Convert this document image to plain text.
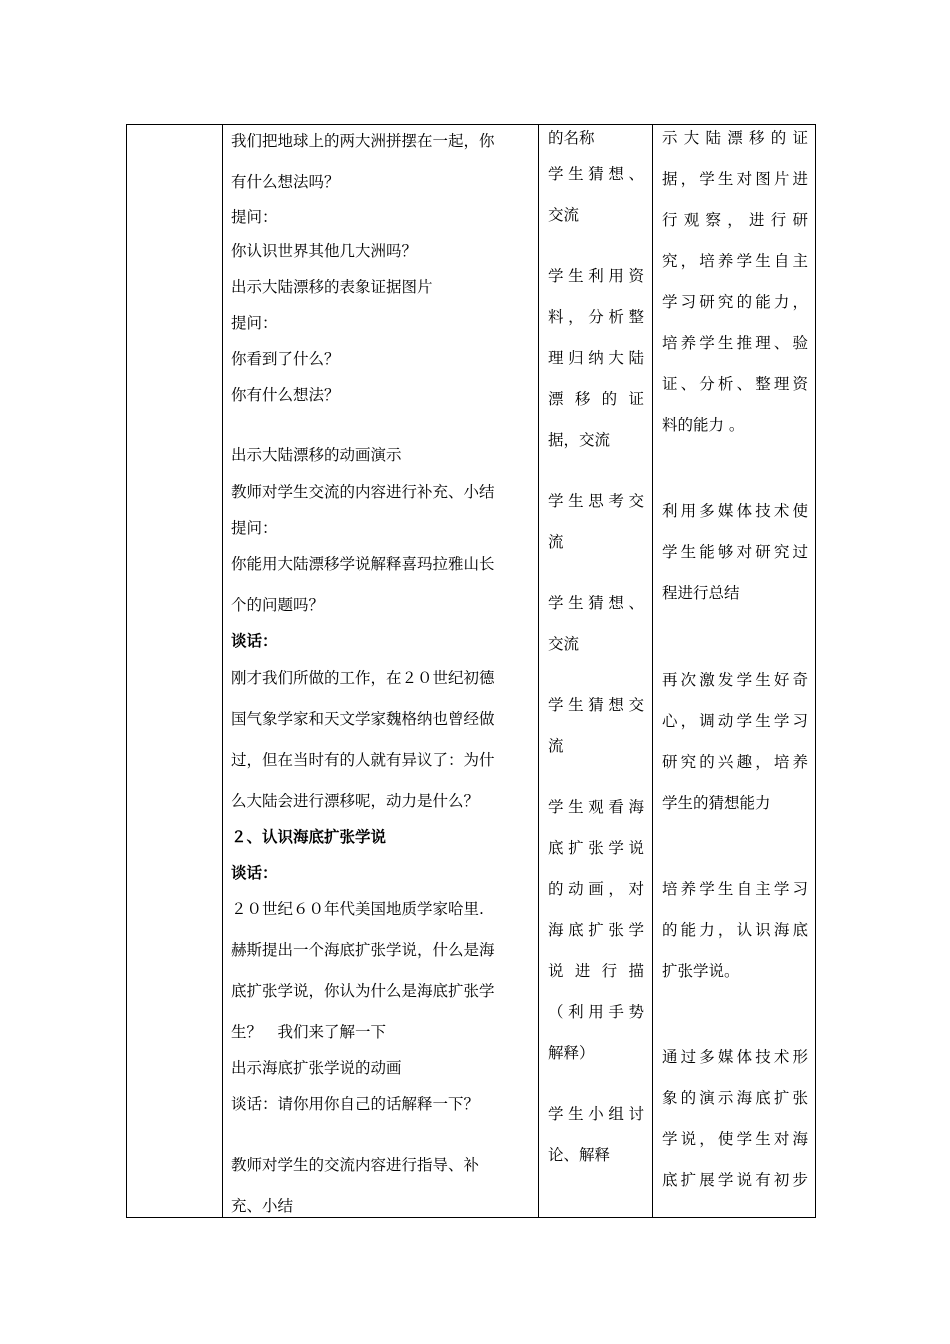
我们把地球上的两大洲拼摆在一起，你
有什么想法吗？
提问：
你认识世界其他几大洲吗？
出示大陆漂移的表象证据图片
提问：
你看到了什么？
你有什么想法？
出示大陆漂移的动画演示
教师对学生交流的内容进行补充、小结
提问：
你能用大陆漂移学说解释喜玛拉雅山长
个的问题吗？
谈话：
刚才我们所做的工作，在２０世纪初德
国气象学家和天文学家魏格纳也曾经做
过，但在当时有的人就有异议了：为什
么大陆会进行漂移呢，动力是什么？
２、认识海底扩张学说
谈话：
２０世纪６０年代美国地质学家哈里.
赫斯提出一个海底扩张学说，什么是海
底扩张学说，你认为什么是海底扩张学
生？　我们来了解一下
出示海底扩张学说的动画
谈话：请你用你自己的话解释一下？
教师对学生的交流内容进行指导、补
充、小结
的名称
学生猜想、
交流
学生利用资
料，分析整
理归纳大陆
漂移的证
据，交流
学生思考交
流
学生猜想、
交流
学生猜想交
流
学生观看海
底扩张学说
的动画，对
海底扩张学
说进行描
（利用手势
解释）
学生小组讨
论、解释
示大陆漂移的证
据，学生对图片进
行观察，进行研
究，培养学生自主
学习研究的能力，
培养学生推理、验
证、分析、整理资
料的能力 。
利用多媒体技术使
学生能够对研究过
程进行总结
再次激发学生好奇
心，调动学生学习
研究的兴趣，培养
学生的猜想能力
培养学生自主学习
的能力，认识海底
扩张学说。
通过多媒体技术形
象的演示海底扩张
学说，使学生对海
底扩展学说有初步
